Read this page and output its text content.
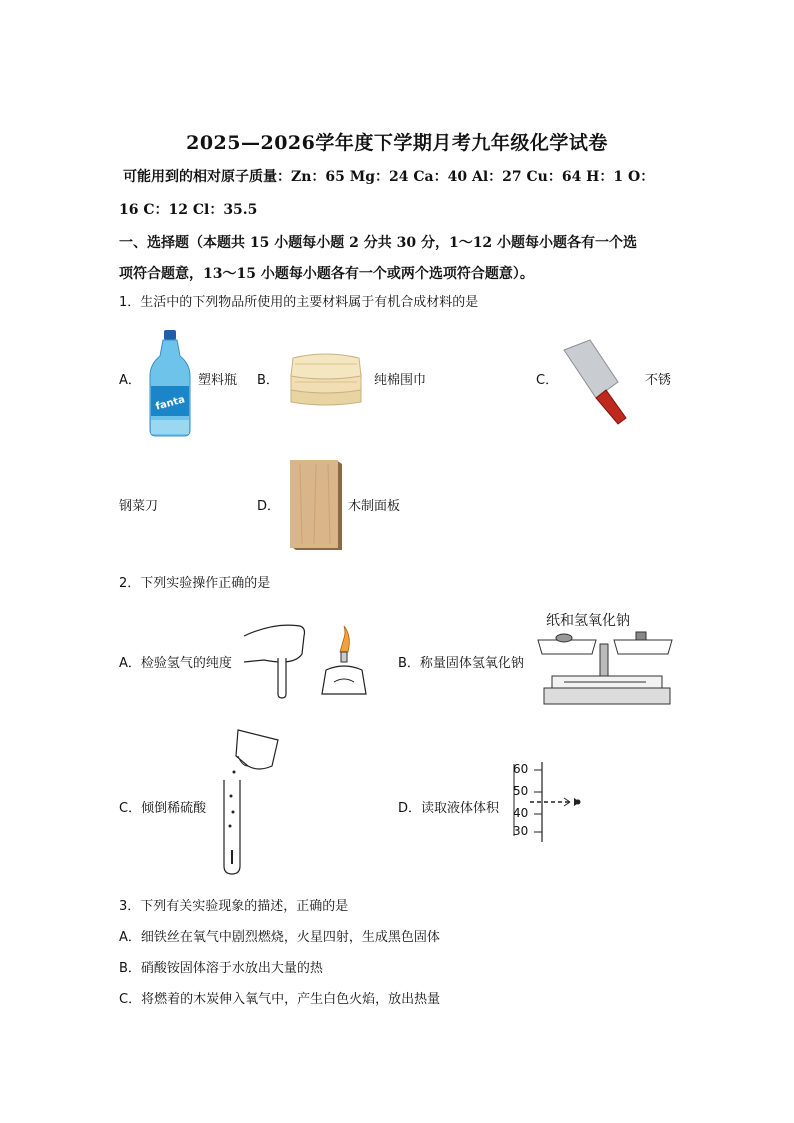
2025—2026学年度下学期月考九年级化学试卷
可能用到的相对原子质量：Zn：65 Mg：24 Ca：40 Al：27 Cu：64 H：1 O：
16 C：12 Cl：35.5
一、选择题（本题共 15 小题每小题 2 分共 30 分，1～12 小题每小题各有一个选
项符合题意，13～15 小题每小题各有一个或两个选项符合题意）。
1．生活中的下列物品所使用的主要材料属于有机合成材料的是
A．
fanta
塑料瓶 B．	纯棉围巾	C．	不锈
钢菜刀	D．	木制面板
2．下列实验操作正确的是
A．检验氢气的纯度	B．称量固体氢氧化钠
纸和氢氧化钠
C．倾倒稀硫酸	D．读取液体体积
60
50
40
30
3．下列有关实验现象的描述，正确的是
A．细铁丝在氧气中剧烈燃烧，火星四射，生成黑色固体
B．硝酸铵固体溶于水放出大量的热
C．将燃着的木炭伸入氧气中，产生白色火焰，放出热量
